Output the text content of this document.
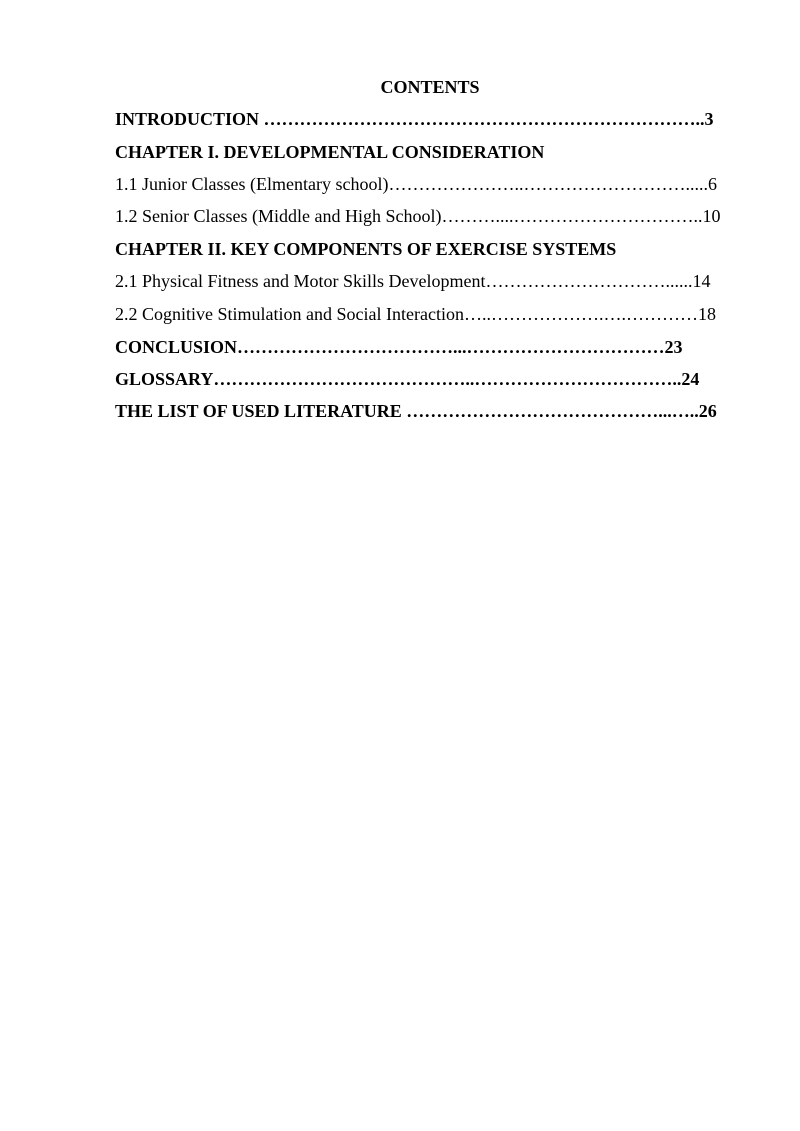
CONTENTS
INTRODUCTION ………………………………………………………………..3
CHAPTER I. DEVELOPMENTAL CONSIDERATION
1.1 Junior Classes (Elmentary school)…………………..……………………….....6
1.2 Senior Classes (Middle and High School)………....…………………………..10
CHAPTER II. KEY COMPONENTS OF EXERCISE SYSTEMS
2.1 Physical Fitness and Motor Skills Development…………………………......14
2.2 Cognitive Stimulation and Social Interaction…..……………….….…………18
CONCLUSION………………………………...……………………………23
GLOSSARY……………………………………..……………………………..24
THE LIST OF USED LITERATURE ……………………………………...…..26
